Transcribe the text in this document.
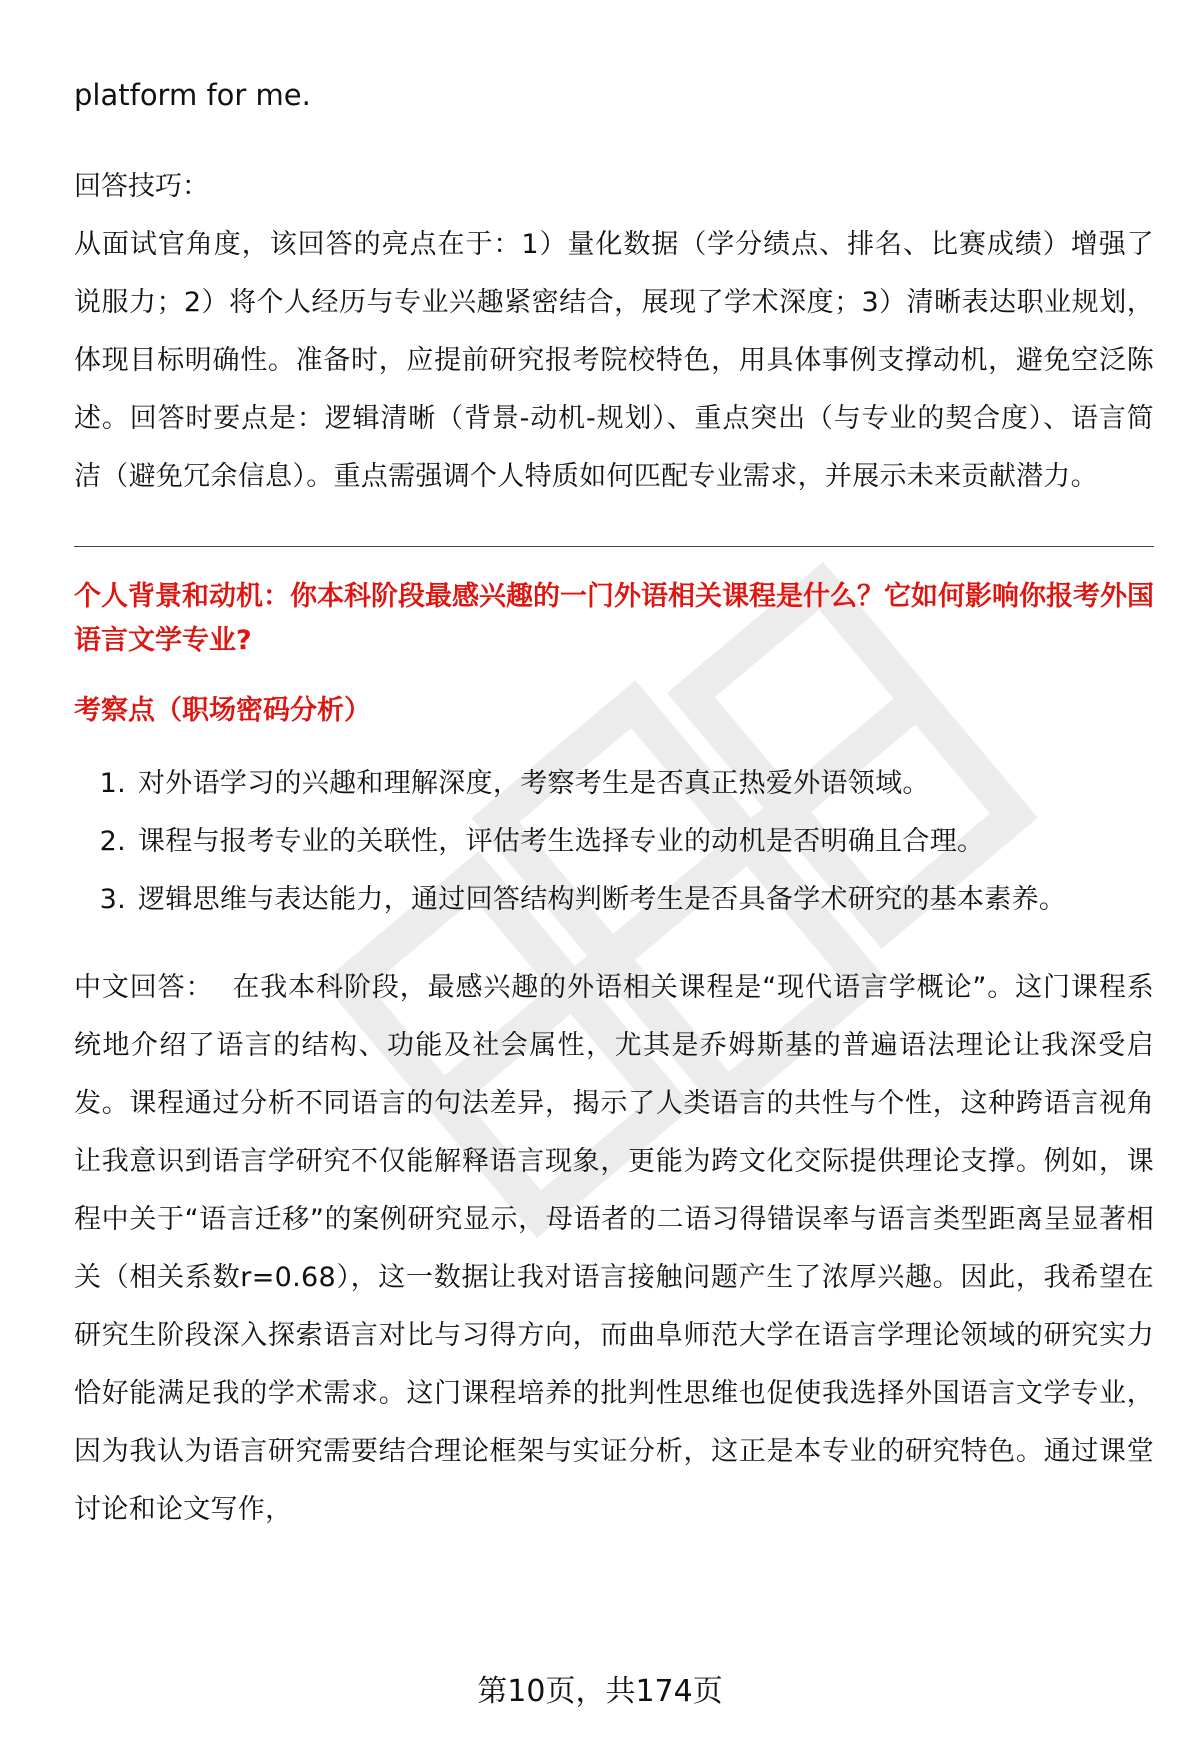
platform for me.

回答技巧：

从面试官角度，该回答的亮点在于：1）量化数据（学分绩点、排名、比赛成绩）增强了说服力；2）将个人经历与专业兴趣紧密结合，展现了学术深度；3）清晰表达职业规划，体现目标明确性。准备时，应提前研究报考院校特色，用具体事例支撑动机，避免空泛陈述。回答时要点是：逻辑清晰（背景-动机-规划）、重点突出（与专业的契合度）、语言简洁（避免冗余信息）。重点需强调个人特质如何匹配专业需求，并展示未来贡献潜力。

个人背景和动机：你本科阶段最感兴趣的一门外语相关课程是什么？它如何影响你报考外国语言文学专业?

考察点（职场密码分析）

1. 对外语学习的兴趣和理解深度，考察考生是否真正热爱外语领域。
2. 课程与报考专业的关联性，评估考生选择专业的动机是否明确且合理。
3. 逻辑思维与表达能力，通过回答结构判断考生是否具备学术研究的基本素养。

中文回答： 在我本科阶段，最感兴趣的外语相关课程是“现代语言学概论”。这门课程系统地介绍了语言的结构、功能及社会属性，尤其是乔姆斯基的普遍语法理论让我深受启发。课程通过分析不同语言的句法差异，揭示了人类语言的共性与个性，这种跨语言视角让我意识到语言学研究不仅能解释语言现象，更能为跨文化交际提供理论支撑。例如，课程中关于“语言迁移”的案例研究显示，母语者的二语习得错误率与语言类型距离呈显著相关（相关系数r=0.68），这一数据让我对语言接触问题产生了浓厚兴趣。因此，我希望在研究生阶段深入探索语言对比与习得方向，而曲阜师范大学在语言学理论领域的研究实力恰好能满足我的学术需求。这门课程培养的批判性思维也促使我选择外国语言文学专业，因为我认为语言研究需要结合理论框架与实证分析，这正是本专业的研究特色。通过课堂讨论和论文写作，

第10页，共174页
